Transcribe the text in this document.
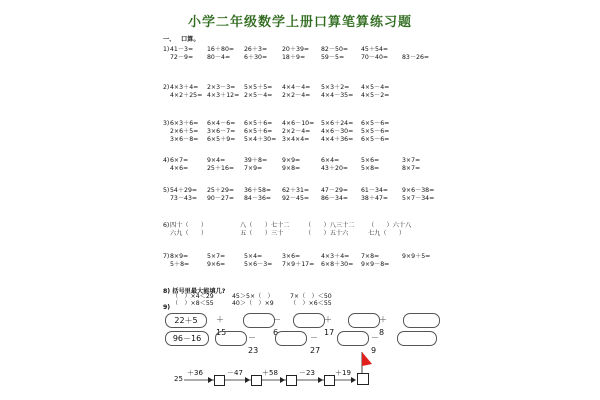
小学二年级数学上册口算笔算练习题
一、 口算。
1) 41－3= 16＋80= 26＋3= 20＋39= 82－50= 45＋54=
72－9= 80－4= 6＋30= 18＋9=	59－5=	70－40= 83－26=
2) 4×3＋4= 2×3－3= 5×5＋5= 4×4－4= 5×3＋2= 4×5－4=
4×2＋25= 4×3＋12= 2×5－4= 2×2－4= 4×4－35= 4×5－2=
3) 6×3＋6= 6×4－6= 6×5＋6= 4×6－10= 5×6＋24= 6×5－6=
2×6＋5= 3×6－7= 6×5＋6= 2×2－4= 4×6－30= 5×5－6=
3×6－8= 6×5＋9= 5×4＋30= 3×4×4= 4×4＋36= 6×5－6=
4) 6×7=	9×4=	39＋8= 9×9=	6×4=	5×6=	3×7=
4×6=	25＋16= 7×9=	9×8=	43＋20= 5×8=	8×7=
5) 54＋29= 25＋29= 36＋58= 62＋31= 47－29= 61－34= 9×6－38=
73－43= 90－27= 84－36= 92－45= 86－34= 38＋47= 5×7－34=
6) 四十（　　）	八（　　）七十二	（　　）八三十二 （　　）六十八
六九（　　）	五（　　）三十	（　　）五十六	七九（　　）
7) 8×9=	5×7=	5×4=	3×6=	4×3＋4= 7×8=	9×9＋5=
5＋8=	9×6=	5×6－3= 7×9＋17= 6×8＋30= 9×9－8=
8) 括号里最大能填几?
（　）×4＜29	45＞5×（　）	7×（　）＜50
（　）×8＜55	40＞（　）×9	（　）×6＜55
9)
22＋5	＋15
－6
＋17
＋8
96－16	－23
－27
－9
25
＋36	－47	＋58	－23	＋19
